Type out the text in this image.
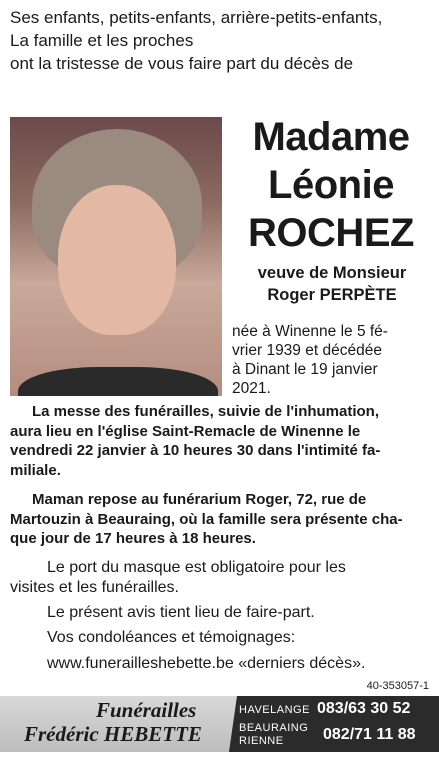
Ses enfants, petits-enfants, arrière-petits-enfants,
La famille et les proches
ont la tristesse de vous faire part du décès de
Madame
Léonie
ROCHEZ
veuve de Monsieur
Roger PERPÈTE
née à Winenne le 5 fé-
vrier 1939 et décédée
à Dinant le 19 janvier
2021.
La messe des funérailles, suivie de l'inhumation,
aura lieu en l'église Saint-Remacle de Winenne le
vendredi 22 janvier à 10 heures 30 dans l'intimité fa-
miliale.
Maman repose au funérarium Roger, 72, rue de
Martouzin à Beauraing, où la famille sera présente cha-
que jour de 17 heures à 18 heures.
Le port du masque est obligatoire pour les
visites et les funérailles.
Le présent avis tient lieu de faire-part.
Vos condoléances et témoignages:
www.funerailleshebette.be «derniers décès».
40-353057-1
Funérailles
Frédéric HEBETTE
HAVELANGE 083/63 30 52
BEAURAING
RIENNE 082/71 11 88
